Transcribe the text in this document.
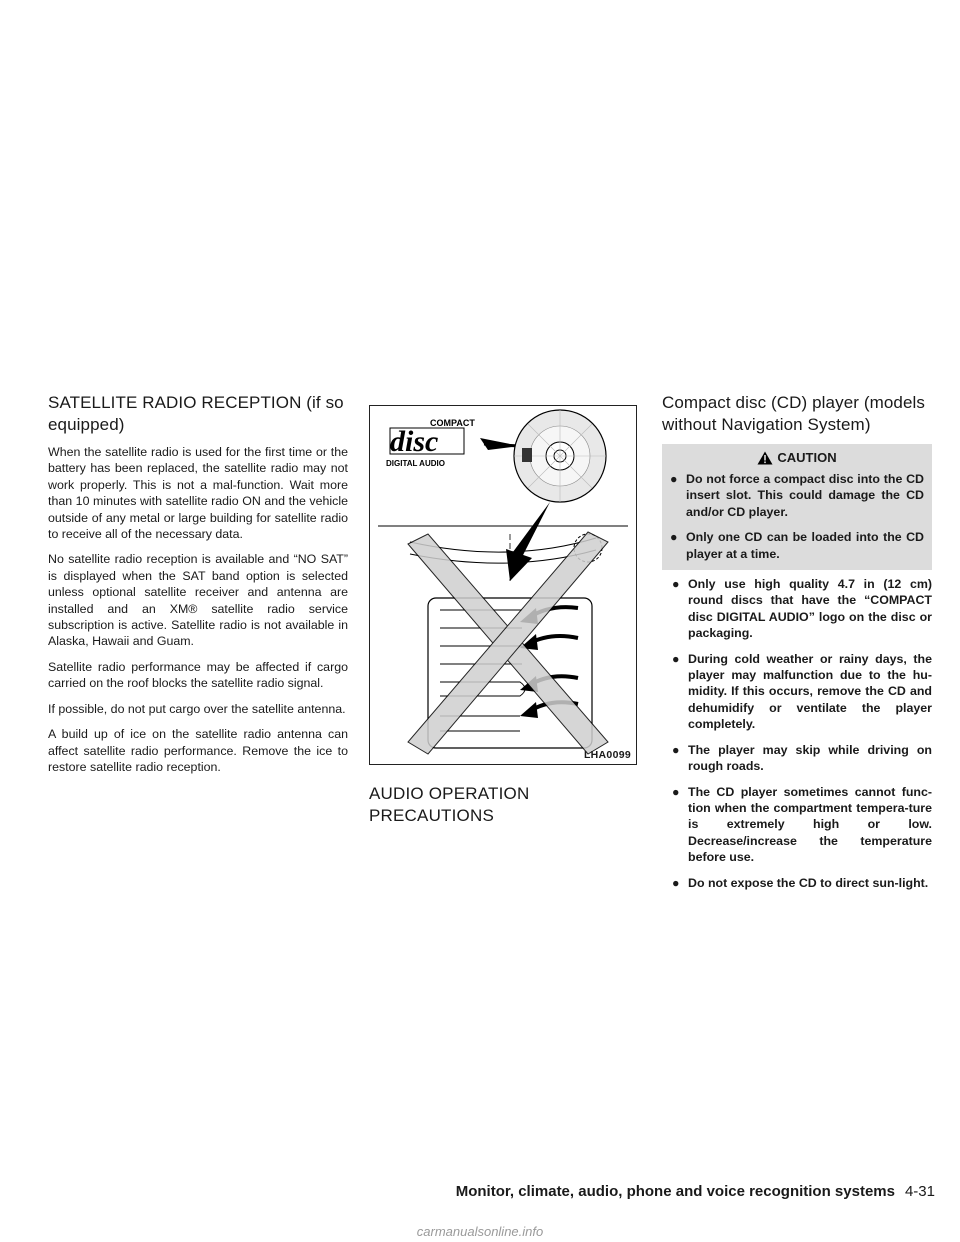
SATELLITE RADIO RECEPTION (if so equipped)

When the satellite radio is used for the first time or the battery has been replaced, the satellite radio may not work properly. This is not a mal-function. Wait more than 10 minutes with satellite radio ON and the vehicle outside of any metal or large building for satellite radio to receive all of the necessary data.

No satellite radio reception is available and “NO SAT” is displayed when the SAT band option is selected unless optional satellite receiver and antenna are installed and an XM® satellite radio service subscription is active. Satellite radio is not available in Alaska, Hawaii and Guam.

Satellite radio performance may be affected if cargo carried on the roof blocks the satellite radio signal.

If possible, do not put cargo over the satellite antenna.

A build up of ice on the satellite radio antenna can affect satellite radio performance. Remove the ice to restore satellite radio reception.

COMPACT
disc
DIGITAL AUDIO
LHA0099
AUDIO OPERATION PRECAUTIONS
Compact disc (CD) player (models without Navigation System)
CAUTION
● Do not force a compact disc into the CD insert slot. This could damage the CD and/or CD player.
● Only one CD can be loaded into the CD player at a time.
● Only use high quality 4.7 in (12 cm) round discs that have the “COMPACT disc DIGITAL AUDIO” logo on the disc or packaging.
● During cold weather or rainy days, the player may malfunction due to the hu-midity. If this occurs, remove the CD and dehumidify or ventilate the player completely.
● The player may skip while driving on rough roads.
● The CD player sometimes cannot func-tion when the compartment tempera-ture is extremely high or low. Decrease/increase the temperature before use.
● Do not expose the CD to direct sun-light.
Monitor, climate, audio, phone and voice recognition systems 4-31
carmanualsonline.info
